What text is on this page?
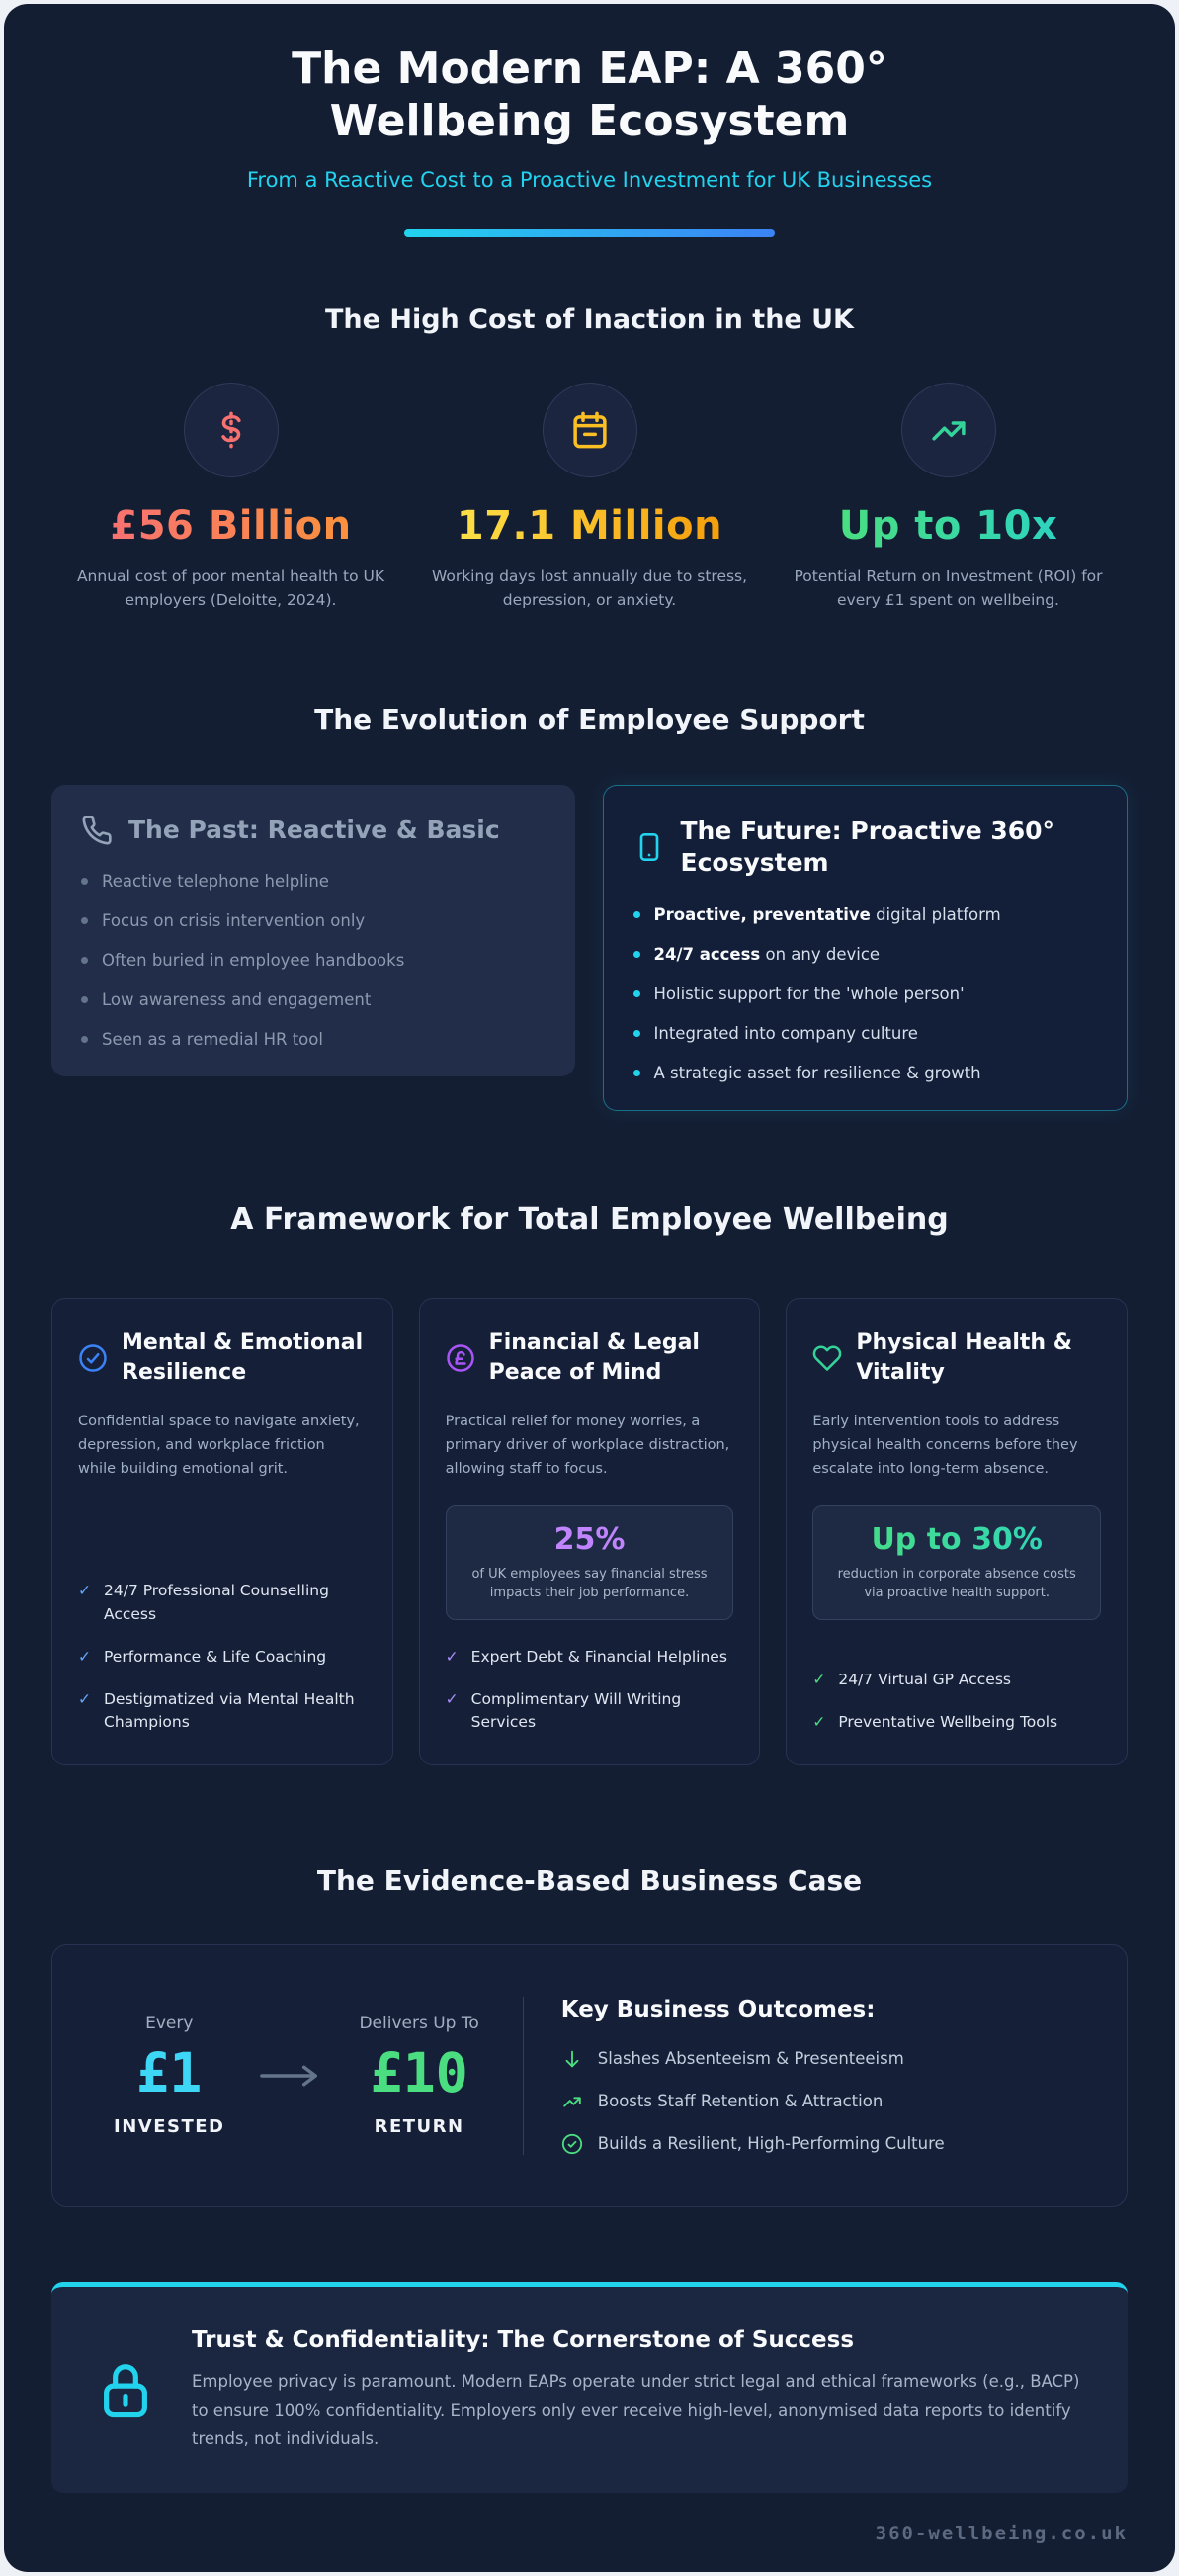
The Modern EAP: A 360° Wellbeing Ecosystem

From a Reactive Cost to a Proactive Investment for UK Businesses

The High Cost of Inaction in the UK
£56 Billion
Annual cost of poor mental health to UK employers (Deloitte, 2024).
17.1 Million
Working days lost annually due to stress, depression, or anxiety.
Up to 10x
Potential Return on Investment (ROI) for every £1 spent on wellbeing.
The Evolution of Employee Support
The Past: Reactive & Basic
Reactive telephone helpline
Focus on crisis intervention only
Often buried in employee handbooks
Low awareness and engagement
Seen as a remedial HR tool
The Future: Proactive 360° Ecosystem
Proactive, preventative digital platform
24/7 access on any device
Holistic support for the 'whole person'
Integrated into company culture
A strategic asset for resilience & growth
A Framework for Total Employee Wellbeing
Mental & Emotional Resilience

Confidential space to navigate anxiety, depression, and workplace friction while building emotional grit.

✓ 24/7 Professional Counselling Access
✓ Performance & Life Coaching
✓ Destigmatized via Mental Health Champions
Financial & Legal Peace of Mind

Practical relief for money worries, a primary driver of workplace distraction, allowing staff to focus.

25%
of UK employees say financial stress impacts their job performance.
✓ Expert Debt & Financial Helplines
✓ Complimentary Will Writing Services
Physical Health & Vitality

Early intervention tools to address physical health concerns before they escalate into long-term absence.

Up to 30%
reduction in corporate absence costs via proactive health support.
✓ 24/7 Virtual GP Access
✓ Preventative Wellbeing Tools
The Evidence-Based Business Case
Every
£1
INVESTED
Delivers Up To
£10
RETURN
Key Business Outcomes:
Slashes Absenteeism & Presenteeism
Boosts Staff Retention & Attraction
Builds a Resilient, High-Performing Culture
Trust & Confidentiality: The Cornerstone of Success

Employee privacy is paramount. Modern EAPs operate under strict legal and ethical frameworks (e.g., BACP) to ensure 100% confidentiality. Employers only ever receive high-level, anonymised data reports to identify trends, not individuals.

360-wellbeing.co.uk
